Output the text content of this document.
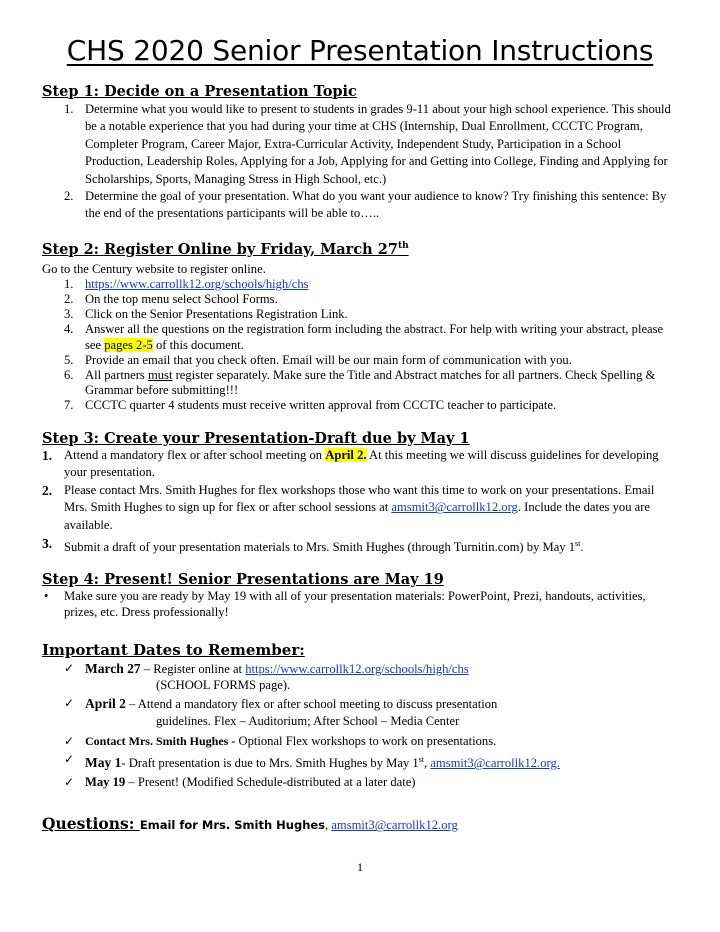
CHS 2020 Senior Presentation Instructions
Step 1: Decide on a Presentation Topic
1. Determine what you would like to present to students in grades 9-11 about your high school experience. This should be a notable experience that you had during your time at CHS (Internship, Dual Enrollment, CCCTC Program, Completer Program, Career Major, Extra-Curricular Activity, Independent Study, Participation in a School Production, Leadership Roles, Applying for a Job, Applying for and Getting into College, Finding and Applying for Scholarships, Sports, Managing Stress in High School, etc.)
2. Determine the goal of your presentation. What do you want your audience to know? Try finishing this sentence: By the end of the presentations participants will be able to…..
Step 2: Register Online by Friday, March 27th
Go to the Century website to register online.
1. https://www.carrollk12.org/schools/high/chs
2. On the top menu select School Forms.
3. Click on the Senior Presentations Registration Link.
4. Answer all the questions on the registration form including the abstract. For help with writing your abstract, please see pages 2-5 of this document.
5. Provide an email that you check often. Email will be our main form of communication with you.
6. All partners must register separately. Make sure the Title and Abstract matches for all partners. Check Spelling & Grammar before submitting!!!
7. CCCTC quarter 4 students must receive written approval from CCCTC teacher to participate.
Step 3: Create your Presentation-Draft due by May 1
1. Attend a mandatory flex or after school meeting on April 2. At this meeting we will discuss guidelines for developing your presentation.
2. Please contact Mrs. Smith Hughes for flex workshops those who want this time to work on your presentations. Email Mrs. Smith Hughes to sign up for flex or after school sessions at amsmit3@carrollk12.org. Include the dates you are available.
3. Submit a draft of your presentation materials to Mrs. Smith Hughes (through Turnitin.com) by May 1st.
Step 4: Present! Senior Presentations are May 19
• Make sure you are ready by May 19 with all of your presentation materials: PowerPoint, Prezi, handouts, activities, prizes, etc. Dress professionally!
Important Dates to Remember:
✓ March 27 – Register online at https://www.carrollk12.org/schools/high/chs
(SCHOOL FORMS page).
✓ April 2 – Attend a mandatory flex or after school meeting to discuss presentation
guidelines. Flex – Auditorium; After School – Media Center
✓ Contact Mrs. Smith Hughes - Optional Flex workshops to work on presentations.
✓ May 1- Draft presentation is due to Mrs. Smith Hughes by May 1st, amsmit3@carrollk12.org.
✓ May 19 – Present! (Modified Schedule-distributed at a later date)
Questions: Email for Mrs. Smith Hughes, amsmit3@carrollk12.org
1
